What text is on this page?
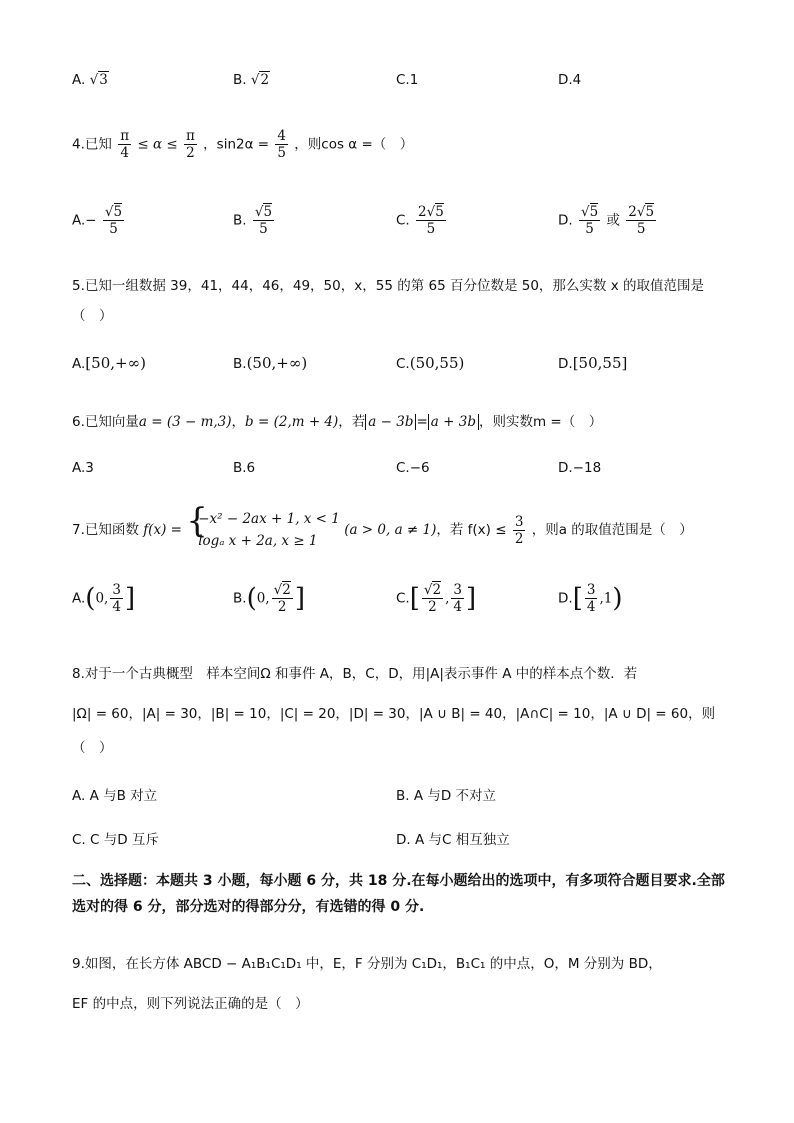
A. √3	B. √2	C.1	D.4
4.已知 $\frac{\pi}{4} \le \alpha \le \frac{\pi}{2}$ ，$\sin 2\alpha = \frac{4}{5}$ ，则cos α =（　）
$A.- \frac{√5}{5}$	B. $\frac{√5}{5}$	C. $\frac{2√5}{5}$	D. $\frac{√5}{5}$ 或 $\frac{2√5}{5}$
5.已知一组数据 39，41，44，46，49，50，x，55 的第 65 百分位数是 50，那么实数 x 的取值范围是
（　）
A.[50,+∞)	B.(50,+∞)	C.(50,55)	D.[50,55]
6.已知向量a = (3 − m,3)，b = (2,m + 4)，若 a − 3b = a + 3b ，则实数m =（　）
A.3	B.6	C.−6	D.−18
7.已知函数 f(x) = {
−x² − 2ax + 1, x < 1
logₐ x + 2a, x ≥ 1
(a > 0, a ≠ 1)，若 $f(x) \le \frac{3}{2}$ ，则a 的取值范围是（　）
A.(0, $\frac{3}{4}$ ]	B.(0, $\frac{√2}{2}$ ]	$C.[ \frac{√2}{2}$ , $\frac{3}{4}$ ]	$D.[ \frac{3}{4} ,1)$
8.对于一个古典概型　样本空间Ω 和事件 A，B，C，D，用|A|表示事件 A 中的样本点个数．若
|Ω| = 60，|A| = 30，|B| = 10，|C| = 20，|D| = 30，|A ∪ B| = 40，|A∩C| = 10，|A ∪ D| = 60，则
（　）
A. A 与B 对立	B. A 与D 不对立
C. C 与D 互斥	D. A 与C 相互独立
二、选择题：本题共 3 小题，每小题 6 分，共 18 分.在每小题给出的选项中，有多项符合题目要求.全部选对的得 6 分，部分选对的得部分分，有选错的得 0 分.
9.如图，在长方体 ABCD − A₁B₁C₁D₁ 中，E，F 分别为 C₁D₁，B₁C₁ 的中点，O，M 分别为 BD，
EF 的中点，则下列说法正确的是（　）
